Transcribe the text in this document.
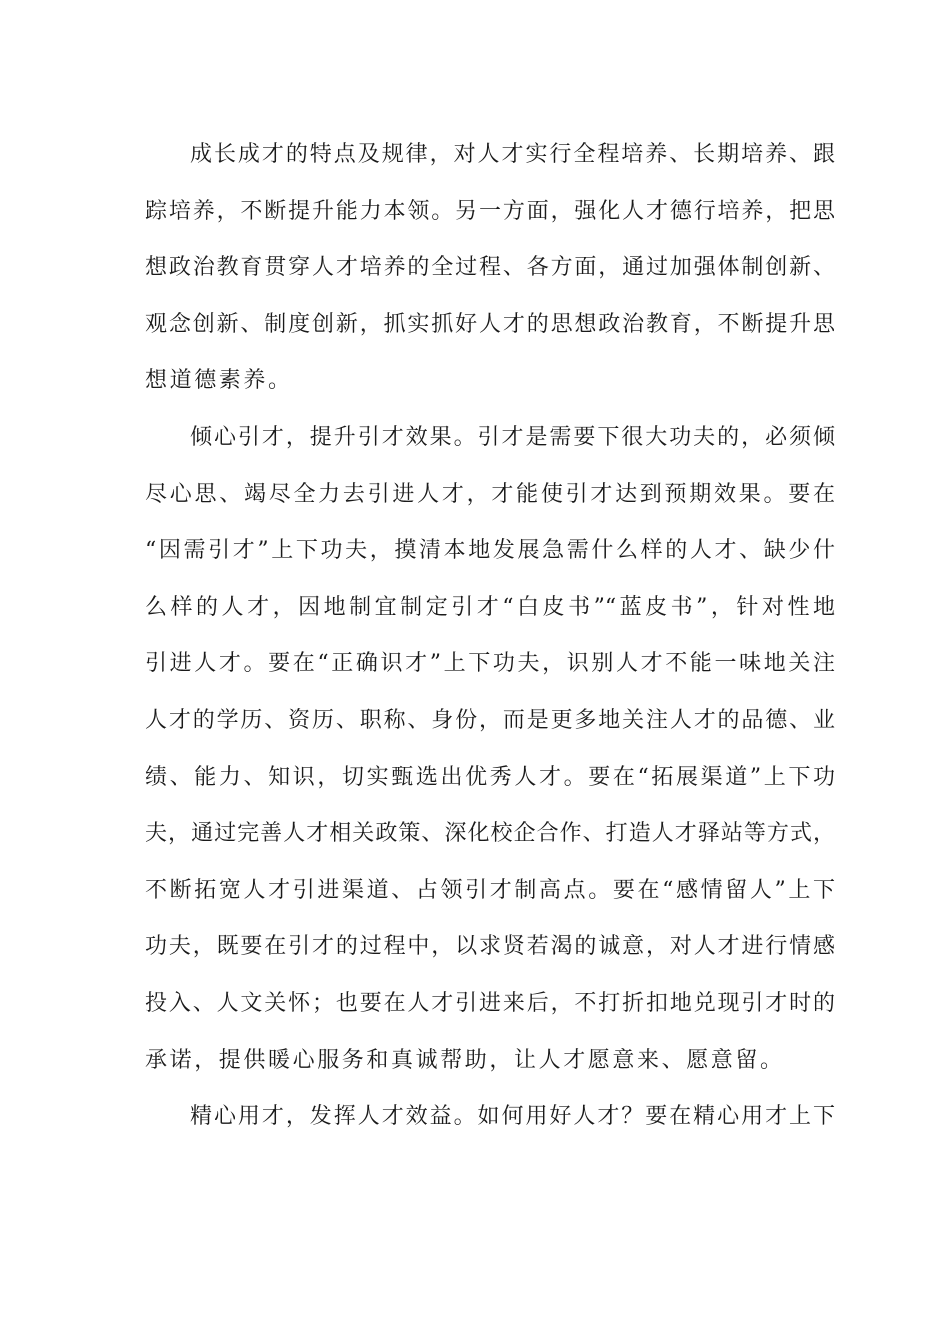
成长成才的特点及规律，对人才实行全程培养、长期培养、跟
踪培养，不断提升能力本领。另一方面，强化人才德行培养，把思
想政治教育贯穿人才培养的全过程、各方面，通过加强体制创新、
观念创新、制度创新，抓实抓好人才的思想政治教育，不断提升思
想道德素养。
倾心引才，提升引才效果。引才是需要下很大功夫的，必须倾
尽心思、竭尽全力去引进人才，才能使引才达到预期效果。要在
“因需引才”上下功夫，摸清本地发展急需什么样的人才、缺少什
么样的人才，因地制宜制定引才“白皮书”“蓝皮书”，针对性地
引进人才。要在“正确识才”上下功夫，识别人才不能一味地关注
人才的学历、资历、职称、身份，而是更多地关注人才的品德、业
绩、能力、知识，切实甄选出优秀人才。要在“拓展渠道”上下功
夫，通过完善人才相关政策、深化校企合作、打造人才驿站等方式，
不断拓宽人才引进渠道、占领引才制高点。要在“感情留人”上下
功夫，既要在引才的过程中，以求贤若渴的诚意，对人才进行情感
投入、人文关怀；也要在人才引进来后，不打折扣地兑现引才时的
承诺，提供暖心服务和真诚帮助，让人才愿意来、愿意留。
精心用才，发挥人才效益。如何用好人才？要在精心用才上下
